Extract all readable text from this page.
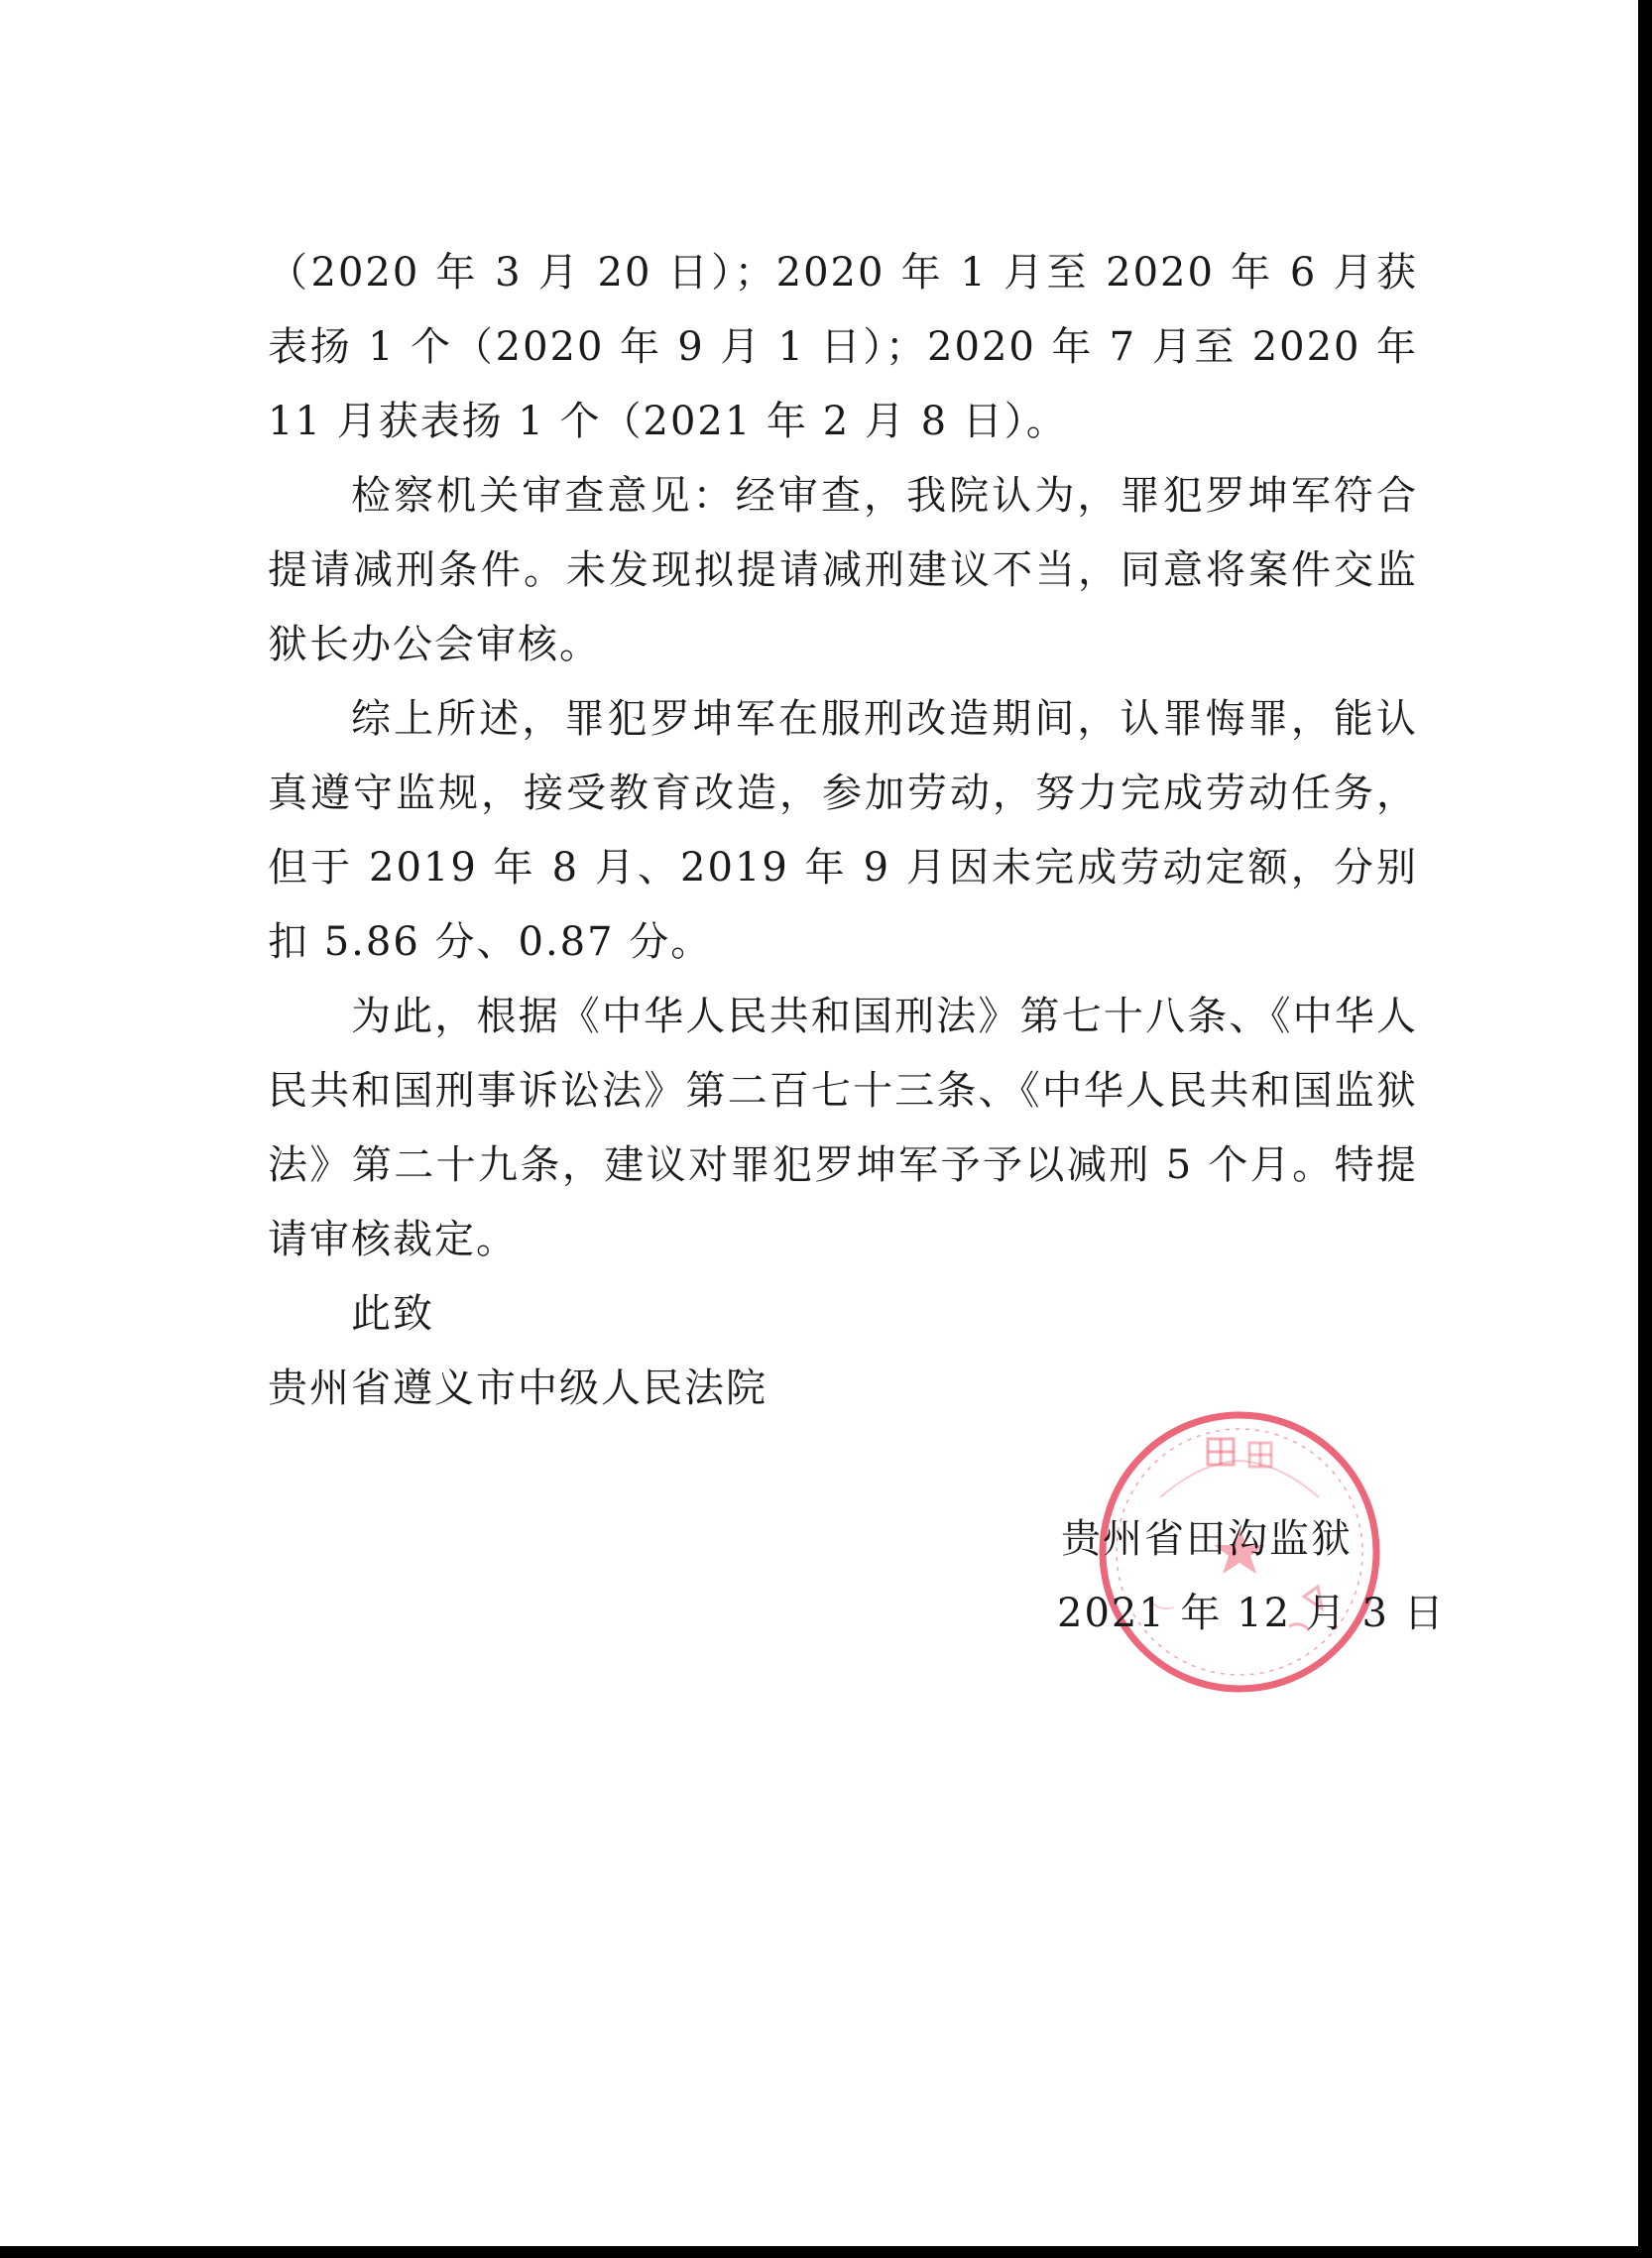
（2020 年 3 月 20 日）；2020 年 1 月至 2020 年 6 月获表扬 1 个（2020 年 9 月 1 日）；2020 年 7 月至 2020 年 11 月获表扬 1 个（2021 年 2 月 8 日）。

检察机关审查意见：经审查，我院认为，罪犯罗坤军符合提请减刑条件。未发现拟提请减刑建议不当，同意将案件交监狱长办公会审核。

综上所述，罪犯罗坤军在服刑改造期间，认罪悔罪，能认真遵守监规，接受教育改造，参加劳动，努力完成劳动任务，但于 2019 年 8 月、2019 年 9 月因未完成劳动定额，分别扣 5.86 分、0.87 分。

为此，根据《中华人民共和国刑法》第七十八条、《中华人民共和国刑事诉讼法》第二百七十三条、《中华人民共和国监狱法》第二十九条，建议对罪犯罗坤军予予以减刑 5 个月。特提请审核裁定。

此致

贵州省遵义市中级人民法院

贵州省田沟监狱
2021 年 12 月 3 日
